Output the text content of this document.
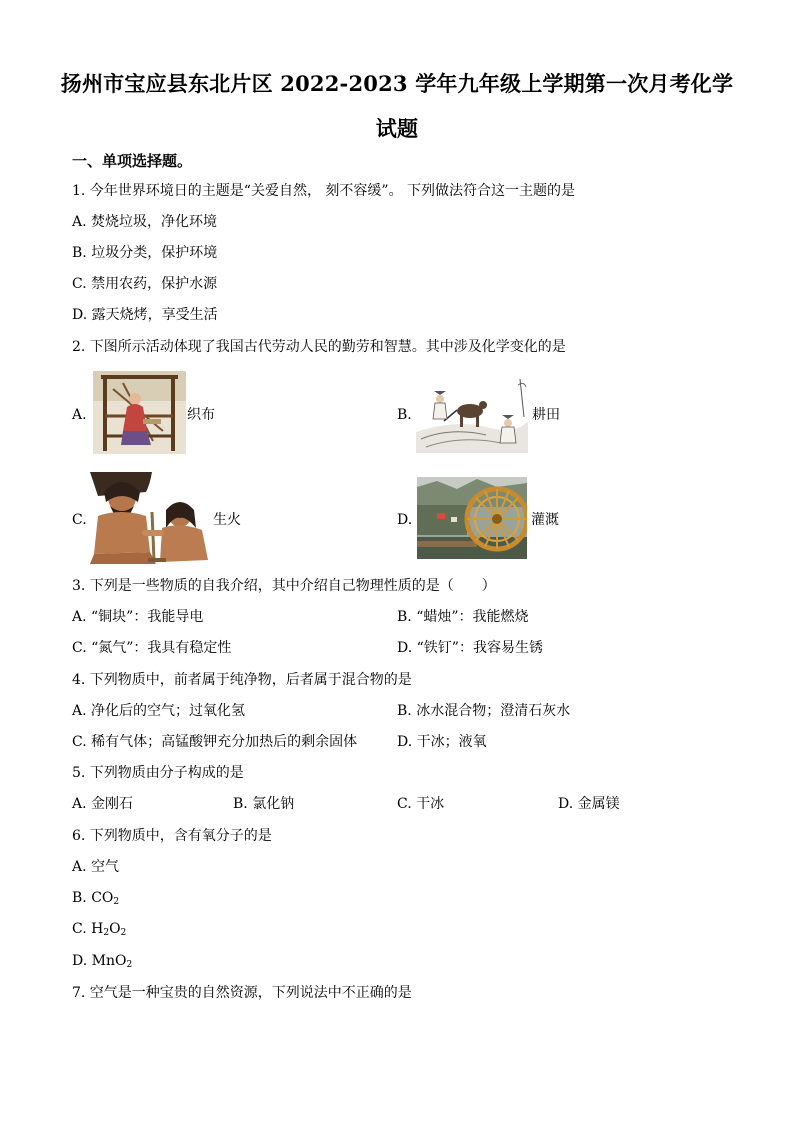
扬州市宝应县东北片区 2022-2023 学年九年级上学期第一次月考化学
试题
一、单项选择题。
1. 今年世界环境日的主题是“关爱自然， 刻不容缓”。 下列做法符合这一主题的是
A. 焚烧垃圾，净化环境
B. 垃圾分类，保护环境
C. 禁用农药，保护水源
D. 露天烧烤，享受生活
2. 下图所示活动体现了我国古代劳动人民的勤劳和智慧。其中涉及化学变化的是
A.	织布	B.	耕田
C.	生火	D.	灌溉
3. 下列是一些物质的自我介绍，其中介绍自己物理性质的是（　　）
A. “铜块”：我能导电	B. “蜡烛”：我能燃烧
C. “氮气”：我具有稳定性	D. “铁钉”：我容易生锈
4. 下列物质中，前者属于纯净物，后者属于混合物的是
A. 净化后的空气；过氧化氢	B. 冰水混合物；澄清石灰水
C. 稀有气体；高锰酸钾充分加热后的剩余固体	D. 干冰；液氧
5. 下列物质由分子构成的是
A. 金刚石	B. 氯化钠	C. 干冰	D. 金属镁
6. 下列物质中，含有氧分子的是
A. 空气
B. $CO_2$
C. $H_2O_2$
D. MnO$_2$
7. 空气是一种宝贵的自然资源，下列说法中不正确的是
